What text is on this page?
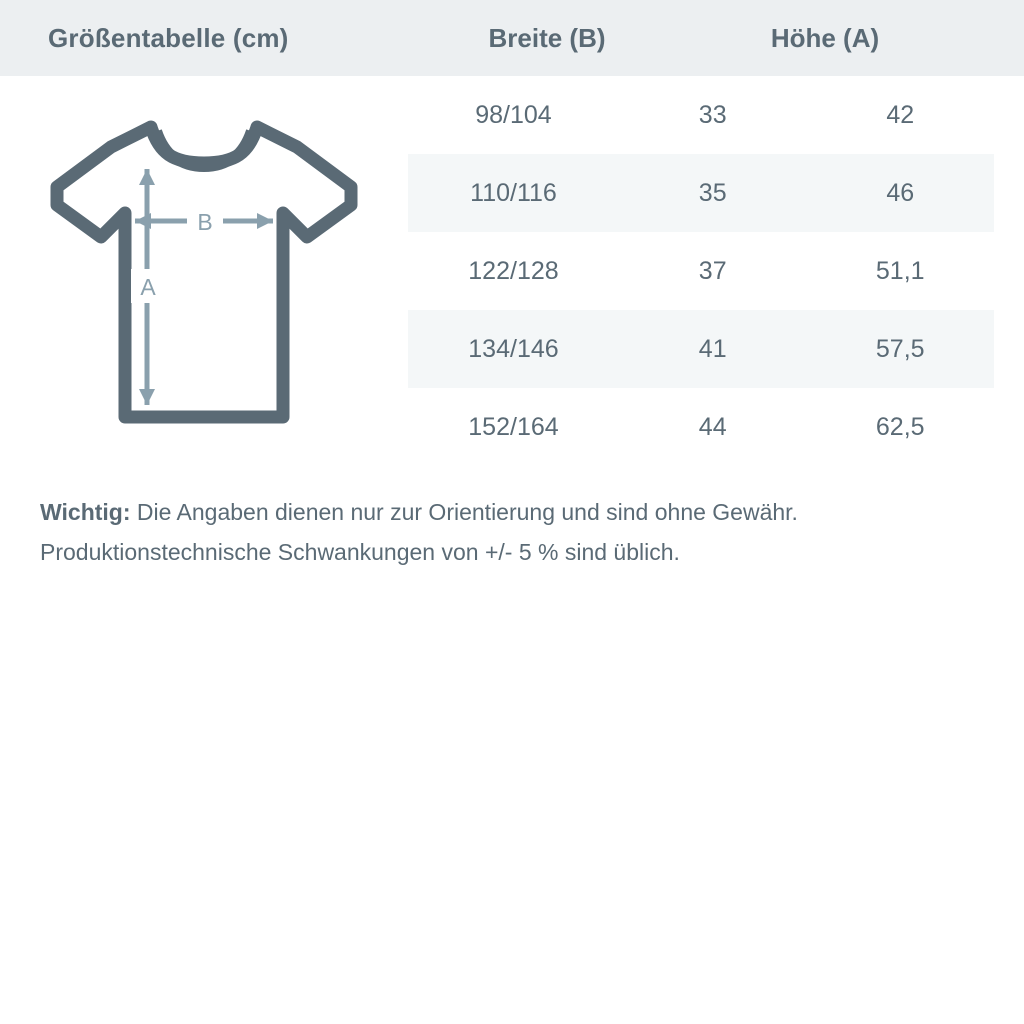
Größentabelle (cm)	Breite (B)	Höhe (A)
B
A
98/104	33	42
110/116	35	46
122/128	37	51,1
134/146	41	57,5
152/164	44	62,5
Wichtig: Die Angaben dienen nur zur Orientierung und sind ohne Gewähr.
Produktionstechnische Schwankungen von +/- 5 % sind üblich.
